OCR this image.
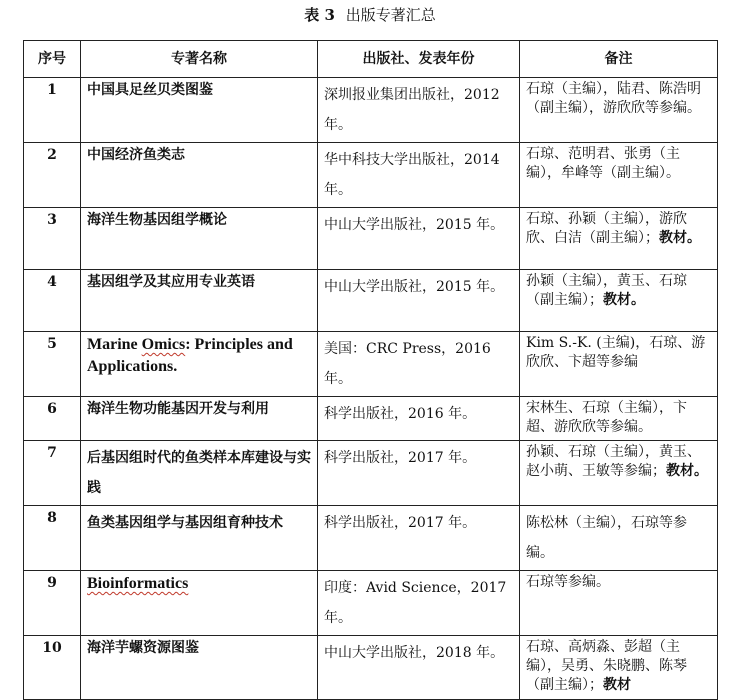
表 3 出版专著汇总
序号	专著名称	出版社、发表年份	备注
1	中国具足丝贝类图鉴	深圳报业集团出版社，2012 年。	石琼（主编），陆君、陈浩明（副主编），游欣欣等参编。
2	中国经济鱼类志	华中科技大学出版社，2014 年。	石琼、范明君、张勇（主编），牟峰等（副主编）。
3	海洋生物基因组学概论	中山大学出版社，2015 年。	石琼、孙颖（主编），游欣欣、白洁（副主编）；教材。
4	基因组学及其应用专业英语	中山大学出版社，2015 年。	孙颖（主编），黄玉、石琼（副主编）；教材。
5	Marine Omics: Principles and Applications.	美国：CRC Press，2016 年。	Kim S.-K. (主编)，石琼、游欣欣、卞超等参编
6	海洋生物功能基因开发与利用	科学出版社，2016 年。	宋林生、石琼（主编），卞超、游欣欣等参编。
7	后基因组时代的鱼类样本库建设与实践	科学出版社，2017 年。	孙颖、石琼（主编），黄玉、赵小萌、王敏等参编；教材。
8	鱼类基因组学与基因组育种技术	科学出版社，2017 年。	陈松林（主编），石琼等参编。
9	Bioinformatics	印度：Avid Science，2017 年。	石琼等参编。
10	海洋芋螺资源图鉴	中山大学出版社，2018 年。	石琼、高炳淼、彭超（主编），吴勇、朱晓鹏、陈琴（副主编）；教材
